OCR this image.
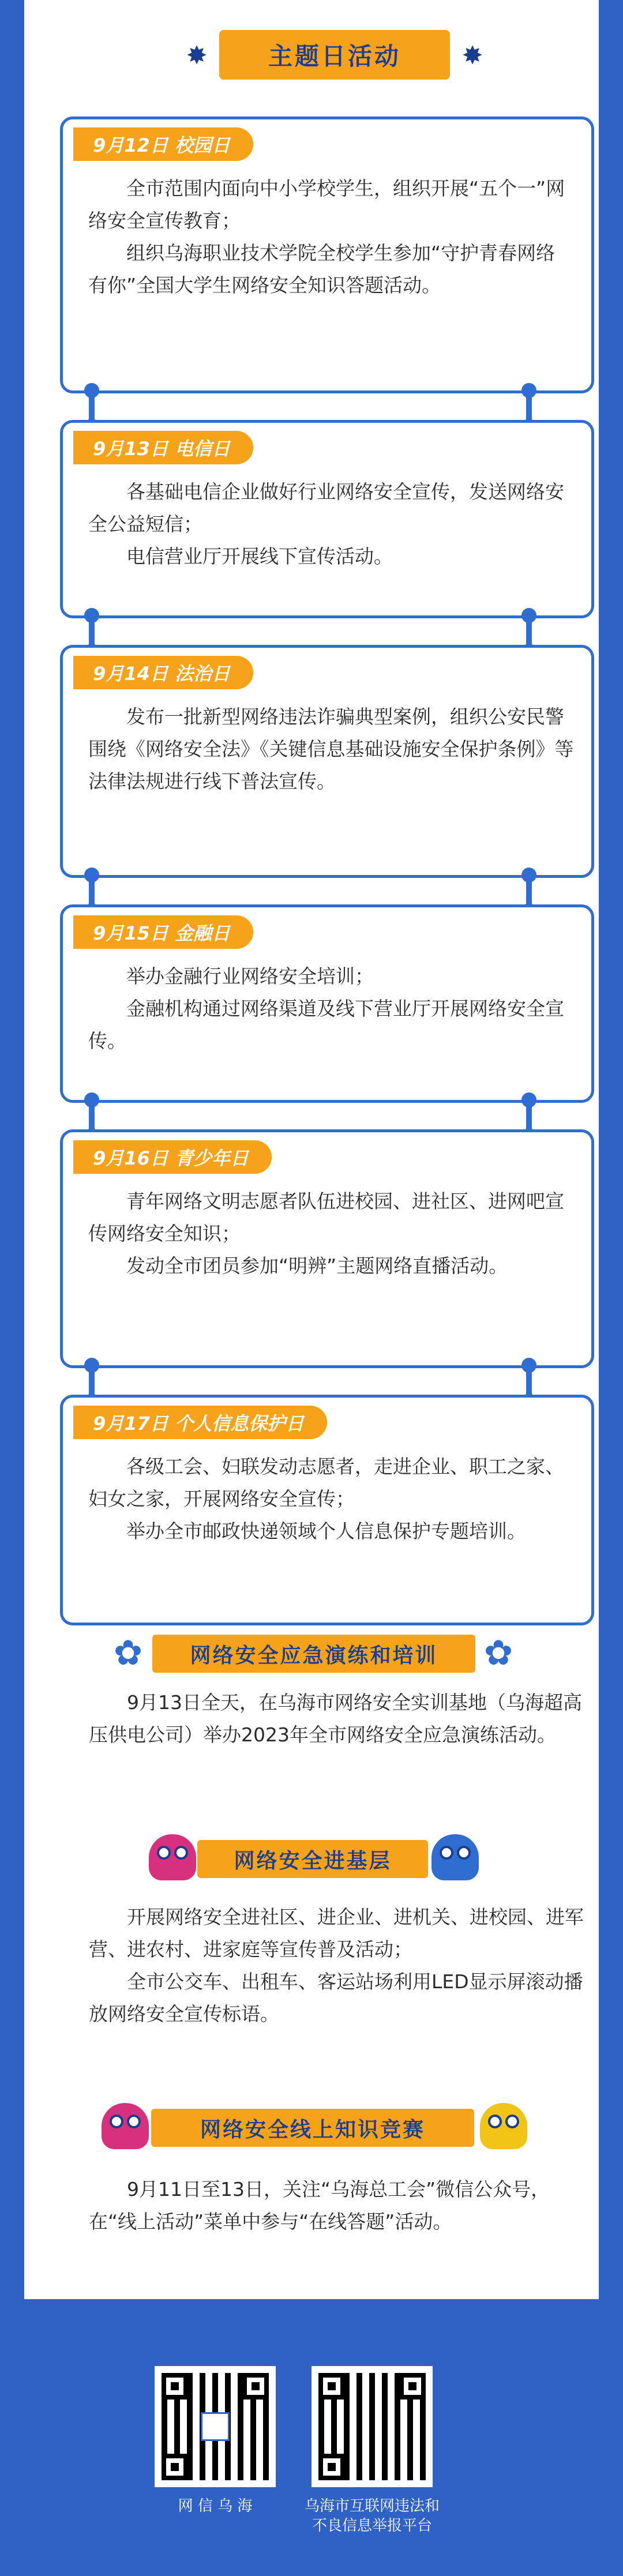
✸	主题日活动 ✸
9月12日 校园日

全市范围内面向中小学校学生，组织开展“五个一”网络安全宣传教育；

组织乌海职业技术学院全校学生参加“守护青春网络有你”全国大学生网络安全知识答题活动。

9月13日 电信日

各基础电信企业做好行业网络安全宣传，发送网络安全公益短信；

电信营业厅开展线下宣传活动。

9月14日 法治日

发布一批新型网络违法诈骗典型案例，组织公安民警围绕《网络安全法》《关键信息基础设施安全保护条例》等法律法规进行线下普法宣传。

9月15日 金融日

举办金融行业网络安全培训；

金融机构通过网络渠道及线下营业厅开展网络安全宣传。

9月16日 青少年日

青年网络文明志愿者队伍进校园、进社区、进网吧宣传网络安全知识；

发动全市团员参加“明辨”主题网络直播活动。

9月17日 个人信息保护日

各级工会、妇联发动志愿者，走进企业、职工之家、妇女之家，开展网络安全宣传；

举办全市邮政快递领域个人信息保护专题培训。

✿	网络安全应急演练和培训	✿

9月13日全天，在乌海市网络安全实训基地（乌海超高压供电公司）举办2023年全市网络安全应急演练活动。

网络安全进基层

开展网络安全进社区、进企业、进机关、进校园、进军营、进农村、进家庭等宣传普及活动；

全市公交车、出租车、客运站场利用LED显示屏滚动播放网络安全宣传标语。

网络安全线上知识竞赛

9月11日至13日，关注“乌海总工会”微信公众号，在“线上活动”菜单中参与“在线答题”活动。

网 信 乌 海	乌海市互联网违法和
不良信息举报平台
